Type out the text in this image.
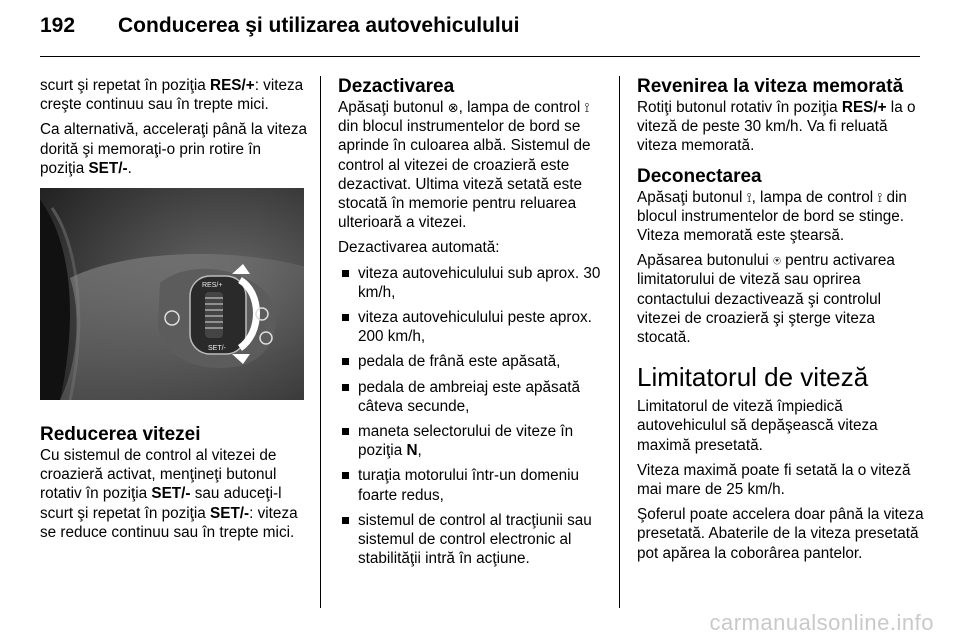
192 Conducerea şi utilizarea autovehiculului

scurt şi repetat în poziţia RES/+: viteza creşte continuu sau în trepte mici.

Ca alternativă, acceleraţi până la viteza dorită şi memoraţi-o prin rotire în poziţia SET/-.

RES/+
SET/-
Reducerea vitezei

Cu sistemul de control al vitezei de croazieră activat, menţineţi butonul rotativ în poziţia SET/- sau aduceţi-l scurt şi repetat în poziţia SET/-: viteza se reduce continuu sau în trepte mici.

Dezactivarea

Apăsaţi butonul ⊗, lampa de control ⟟ din blocul instrumentelor de bord se aprinde în culoarea albă. Sistemul de control al vitezei de croazieră este dezactivat. Ultima viteză setată este stocată în memorie pentru reluarea ulterioară a vitezei.

Dezactivarea automată:

viteza autovehiculului sub aprox. 30 km/h,
viteza autovehiculului peste aprox. 200 km/h,
pedala de frână este apăsată,
pedala de ambreiaj este apăsată câteva secunde,
maneta selectorului de viteze în poziţia N,
turaţia motorului într-un domeniu foarte redus,
sistemul de control al tracţiunii sau sistemul de control electronic al stabilităţii intră în acţiune.
Revenirea la viteza memorată

Rotiţi butonul rotativ în poziţia RES/+ la o viteză de peste 30 km/h. Va fi reluată viteza memorată.

Deconectarea

Apăsaţi butonul ⟟, lampa de control ⟟ din blocul instrumentelor de bord se stinge. Viteza memorată este ştearsă.

Apăsarea butonului ⍟ pentru activarea limitatorului de viteză sau oprirea contactului dezactivează şi controlul vitezei de croazieră şi şterge viteza stocată.

Limitatorul de viteză

Limitatorul de viteză împiedică autovehiculul să depăşească viteza maximă presetată.

Viteza maximă poate fi setată la o viteză mai mare de 25 km/h.

Şoferul poate accelera doar până la viteza presetată. Abaterile de la viteza presetată pot apărea la coborârea pantelor.

carmanualsonline.info
